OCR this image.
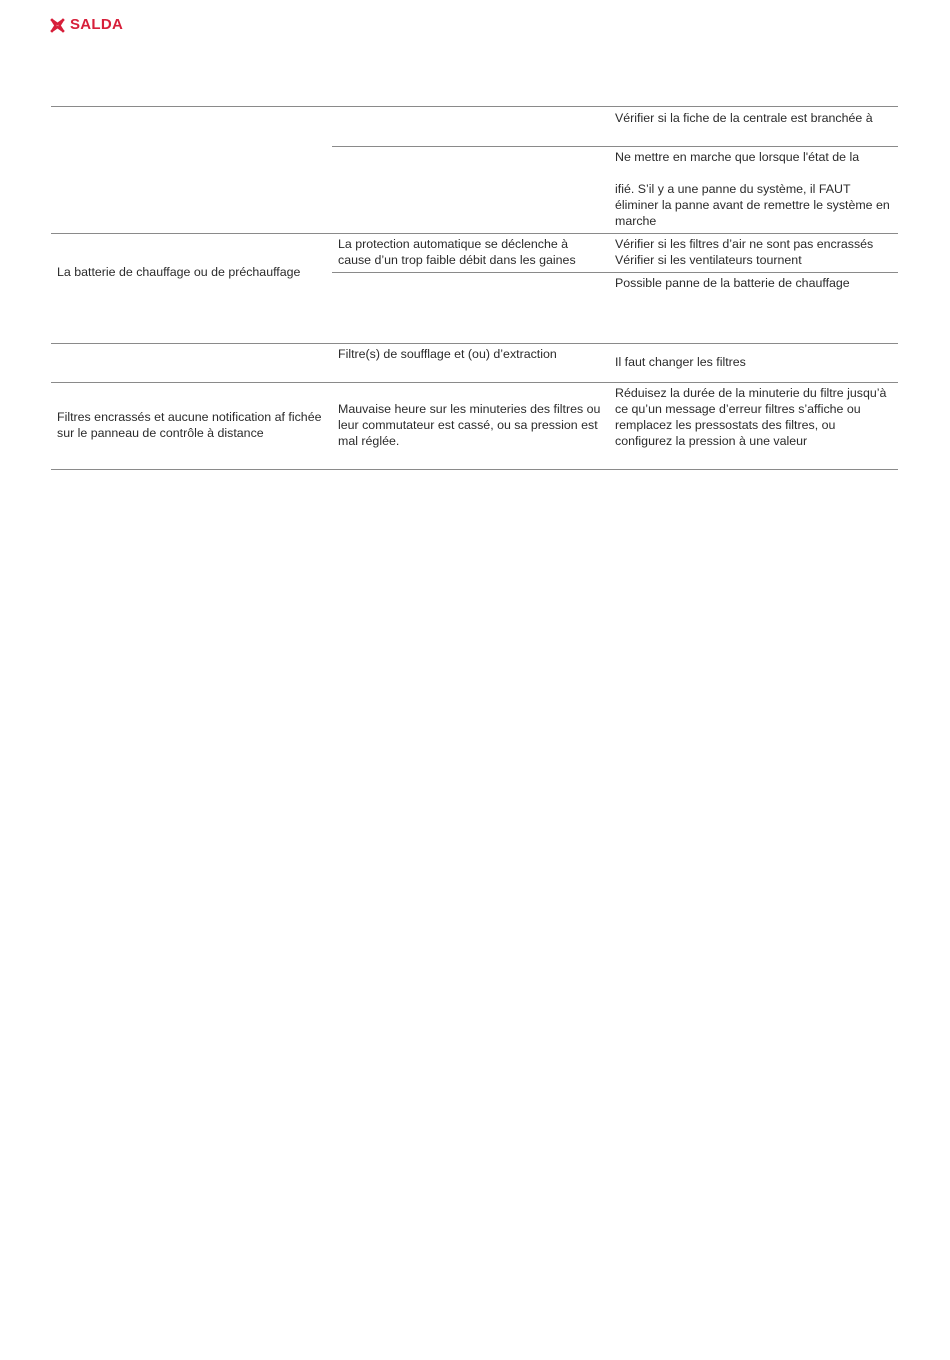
SALDA
Vérifier si la fiche de la centrale est branchée à
Ne mettre en marche que lorsque l'état de la

ifié. S’il y a une panne du système, il FAUT éliminer la panne avant de remettre le système en marche
La batterie de chauffage ou de préchauffage
La protection automatique se déclenche à cause d’un trop faible débit dans les gaines
Vérifier si les filtres d’air ne sont pas encrassés
Vérifier si les ventilateurs tournent
Possible panne de la batterie de chauffage
Filtre(s) de soufflage et (ou) d’extraction
Il faut changer les filtres
Filtres encrassés et aucune notification af fichée sur le panneau de contrôle à distance
Mauvaise heure sur les minuteries des filtres ou leur commutateur est cassé, ou sa pression est mal réglée.
Réduisez la durée de la minuterie du filtre jusqu’à ce qu’un message d’erreur filtres s’affiche ou remplacez les pressostats des filtres, ou configurez la pression à une valeur
